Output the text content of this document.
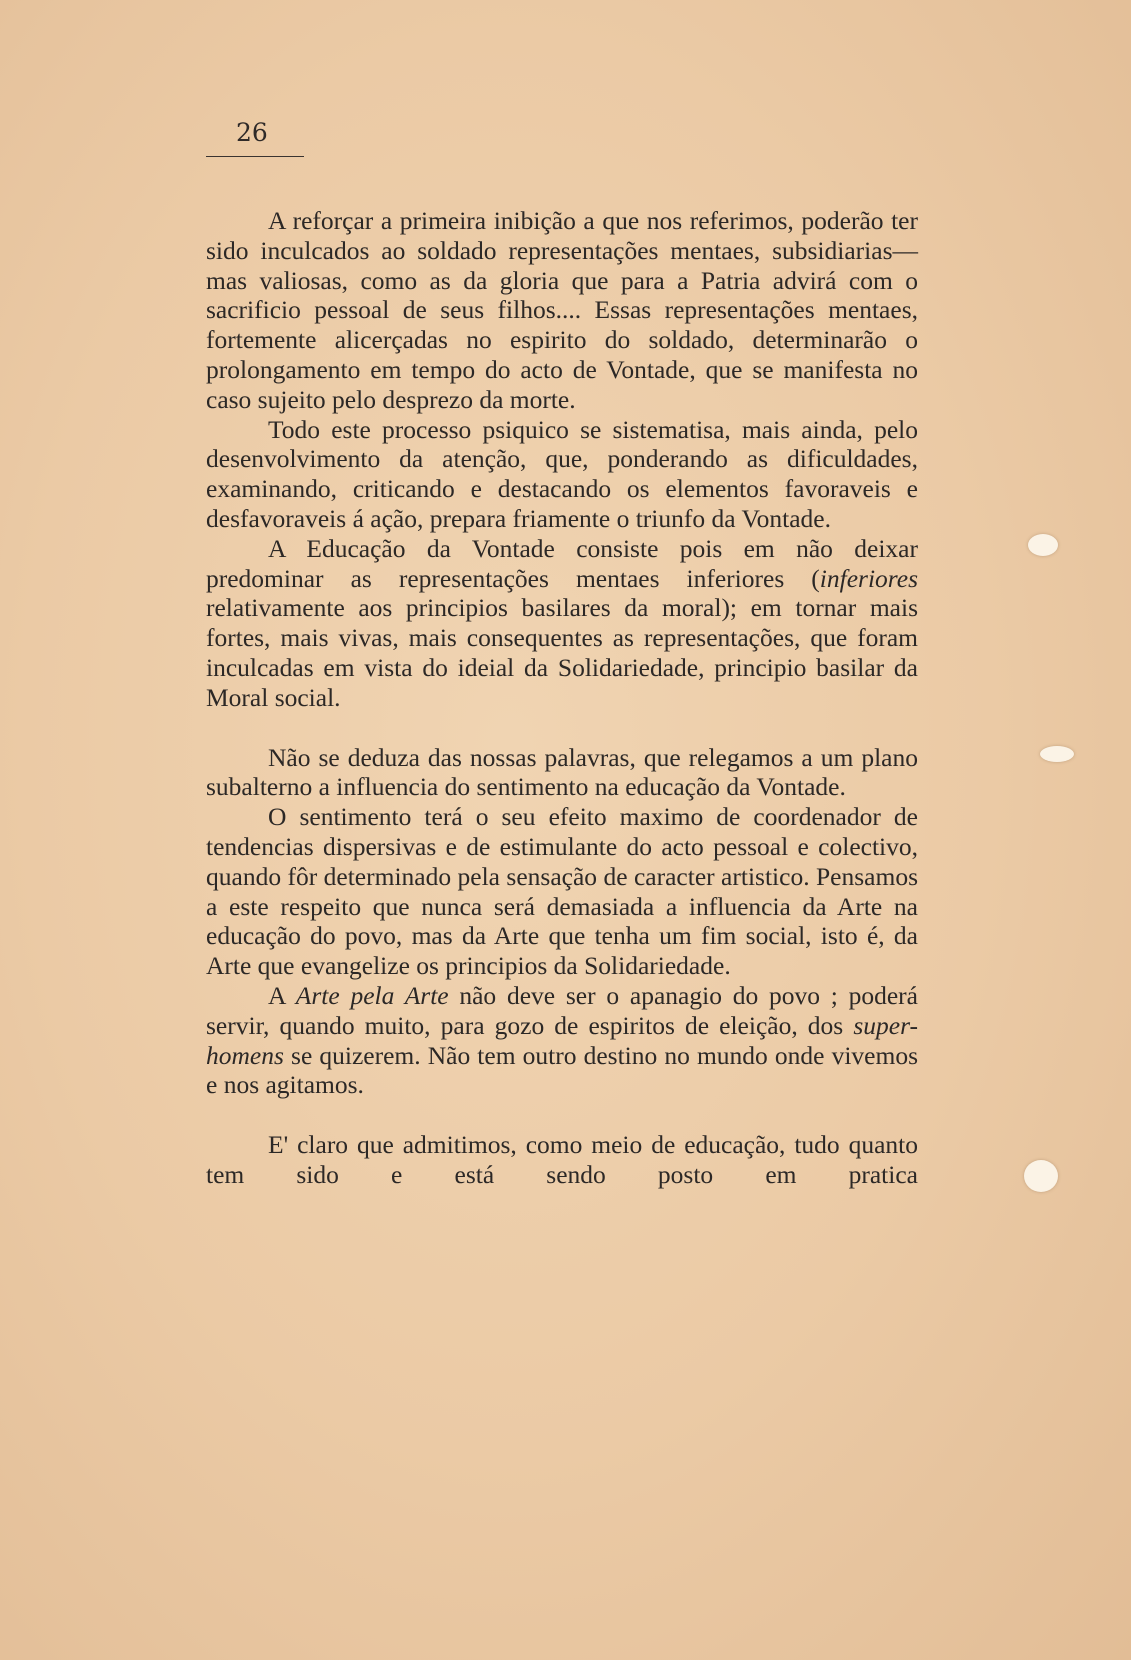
26

A reforçar a primeira inibição a que nos referimos, poderão ter sido inculcados ao soldado representações mentaes, subsidiarias—mas valiosas, como as da gloria que para a Patria advirá com o sacrificio pessoal de seus filhos.... Essas representações mentaes, fortemente alicerçadas no espirito do soldado, determinarão o prolongamento em tempo do acto de Vontade, que se manifesta no caso sujeito pelo desprezo da morte.

Todo este processo psiquico se sistematisa, mais ainda, pelo desenvolvimento da atenção, que, ponderando as dificuldades, examinando, criticando e destacando os elementos favoraveis e desfavoraveis á ação, prepara friamente o triunfo da Vontade.

A Educação da Vontade consiste pois em não deixar predominar as representações mentaes inferiores (inferiores relativamente aos principios basilares da moral); em tornar mais fortes, mais vivas, mais consequentes as representações, que foram inculcadas em vista do ideial da Solidariedade, principio basilar da Moral social.

Não se deduza das nossas palavras, que relegamos a um plano subalterno a influencia do sentimento na educação da Vontade.

O sentimento terá o seu efeito maximo de coordenador de tendencias dispersivas e de estimulante do acto pessoal e colectivo, quando fôr determinado pela sensação de caracter artistico. Pensamos a este respeito que nunca será demasiada a influencia da Arte na educação do povo, mas da Arte que tenha um fim social, isto é, da Arte que evangelize os principios da Solidariedade.

A Arte pela Arte não deve ser o apanagio do povo ; poderá servir, quando muito, para gozo de espiritos de eleição, dos super-homens se quizerem. Não tem outro destino no mundo onde vivemos e nos agitamos.

E' claro que admitimos, como meio de educação, tudo quanto tem sido e está sendo posto em pratica
